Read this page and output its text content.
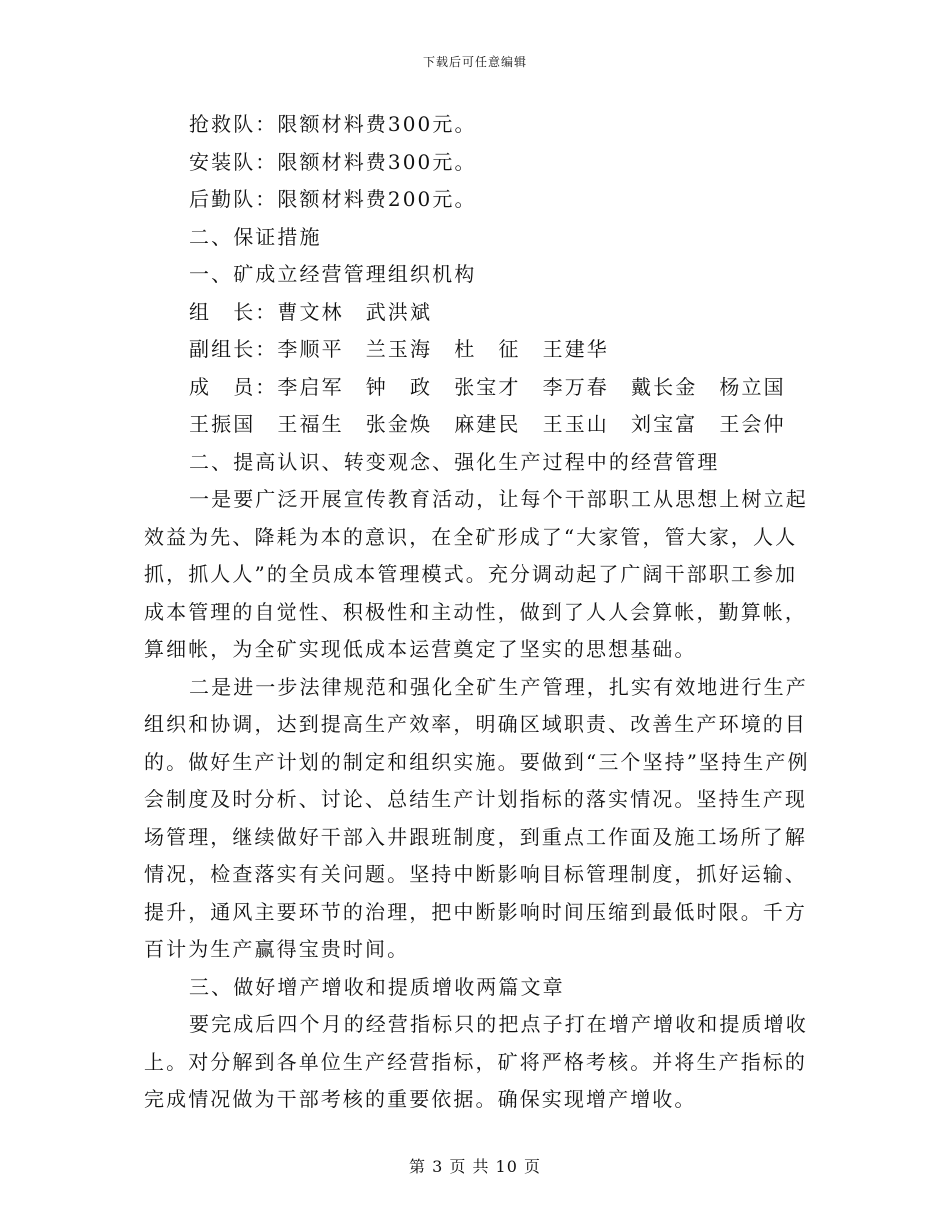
下载后可任意编辑

抢救队：限额材料费300元。

安装队：限额材料费300元。

后勤队：限额材料费200元。

二、保证措施

一、矿成立经营管理组织机构

组　长：曹文林　武洪斌

副组长：李顺平　兰玉海　杜　征　王建华

成　员：李启军　钟　政　张宝才　李万春　戴长金　杨立国

王振国　王福生　张金焕　麻建民　王玉山　刘宝富　王会仲

二、提高认识、转变观念、强化生产过程中的经营管理

一是要广泛开展宣传教育活动，让每个干部职工从思想上树立起效益为先、降耗为本的意识，在全矿形成了“大家管，管大家，人人抓，抓人人”的全员成本管理模式。充分调动起了广阔干部职工参加成本管理的自觉性、积极性和主动性，做到了人人会算帐，勤算帐，算细帐，为全矿实现低成本运营奠定了坚实的思想基础。

二是进一步法律规范和强化全矿生产管理，扎实有效地进行生产组织和协调，达到提高生产效率，明确区域职责、改善生产环境的目的。做好生产计划的制定和组织实施。要做到“三个坚持”坚持生产例会制度及时分析、讨论、总结生产计划指标的落实情况。坚持生产现场管理，继续做好干部入井跟班制度，到重点工作面及施工场所了解情况，检查落实有关问题。坚持中断影响目标管理制度，抓好运输、提升，通风主要环节的治理，把中断影响时间压缩到最低时限。千方百计为生产赢得宝贵时间。

三、做好增产增收和提质增收两篇文章

要完成后四个月的经营指标只的把点子打在增产增收和提质增收上。对分解到各单位生产经营指标，矿将严格考核。并将生产指标的完成情况做为干部考核的重要依据。确保实现增产增收。

第 3 页 共 10 页
